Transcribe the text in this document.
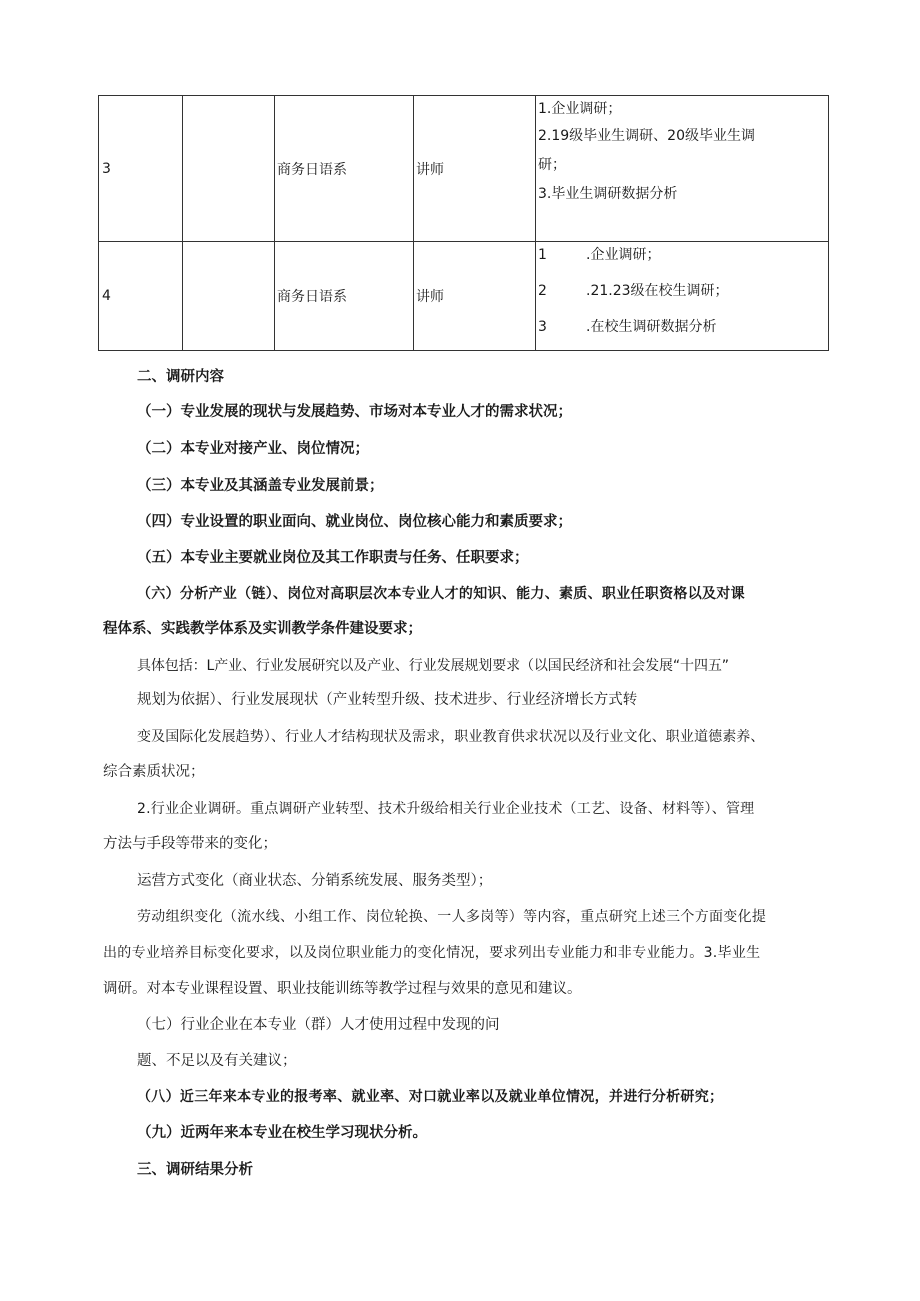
3		商务日语系	讲师	1.企业调研；
2.19级毕业生调研、20级毕业生调
研；
3.毕业生调研数据分析

4		商务日语系	讲师	1 .企业调研；
2 .21.23级在校生调研；
3 .在校生调研数据分析
二、调研内容
（一）专业发展的现状与发展趋势、市场对本专业人才的需求状况；
（二）本专业对接产业、岗位情况；
（三）本专业及其涵盖专业发展前景；
（四）专业设置的职业面向、就业岗位、岗位核心能力和素质要求；
（五）本专业主要就业岗位及其工作职责与任务、任职要求；
（六）分析产业（链）、岗位对高职层次本专业人才的知识、能力、素质、职业任职资格以及对课
程体系、实践教学体系及实训教学条件建设要求；
具体包括：L产业、行业发展研究以及产业、行业发展规划要求（以国民经济和社会发展“十四五”
规划为依据）、行业发展现状（产业转型升级、技术进步、行业经济增长方式转
变及国际化发展趋势）、行业人才结构现状及需求，职业教育供求状况以及行业文化、职业道德素养、
综合素质状况；
2.行业企业调研。重点调研产业转型、技术升级给相关行业企业技术（工艺、设备、材料等）、管理
方法与手段等带来的变化；
运营方式变化（商业状态、分销系统发展、服务类型）；
劳动组织变化（流水线、小组工作、岗位轮换、一人多岗等）等内容，重点研究上述三个方面变化提
出的专业培养目标变化要求，以及岗位职业能力的变化情况，要求列出专业能力和非专业能力。3.毕业生
调研。对本专业课程设置、职业技能训练等教学过程与效果的意见和建议。
（七）行业企业在本专业（群）人才使用过程中发现的问
题、不足以及有关建议；
（八）近三年来本专业的报考率、就业率、对口就业率以及就业单位情况，并进行分析研究；
（九）近两年来本专业在校生学习现状分析。
三、调研结果分析
